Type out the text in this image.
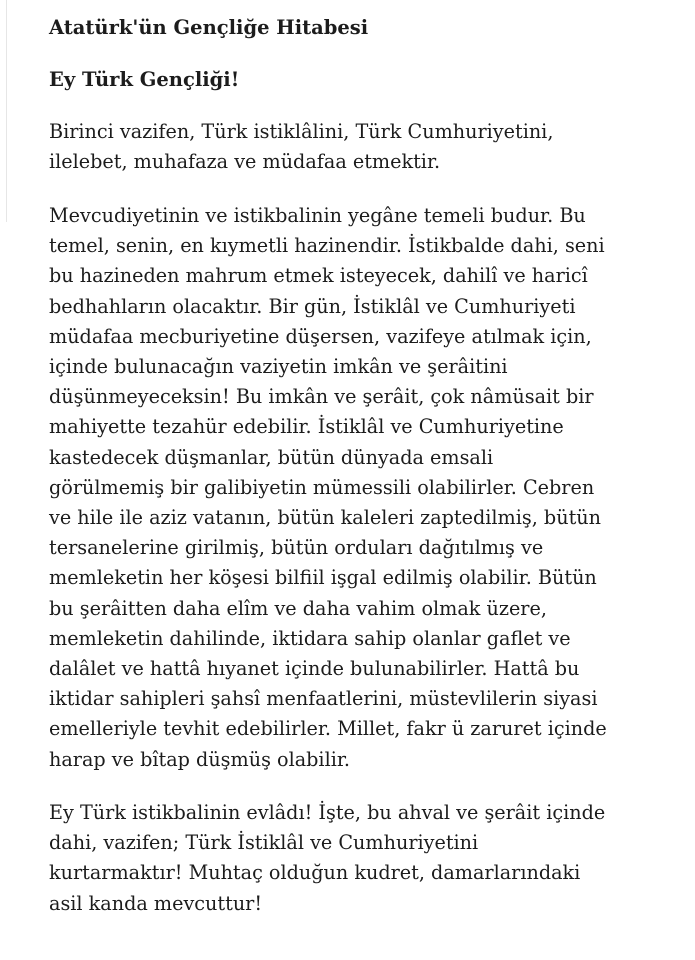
Atatürk'ün Gençliğe Hitabesi
Ey Türk Gençliği!

Birinci vazifen, Türk istiklâlini, Türk Cumhuriyetini,
ilelebet, muhafaza ve müdafaa etmektir.

Mevcudiyetinin ve istikbalinin yegâne temeli budur. Bu
temel, senin, en kıymetli hazinendir. İstikbalde dahi, seni
bu hazineden mahrum etmek isteyecek, dahilî ve haricî
bedhahların olacaktır. Bir gün, İstiklâl ve Cumhuriyeti
müdafaa mecburiyetine düşersen, vazifeye atılmak için,
içinde bulunacağın vaziyetin imkân ve şerâitini
düşünmeyeceksin! Bu imkân ve şerâit, çok nâmüsait bir
mahiyette tezahür edebilir. İstiklâl ve Cumhuriyetine
kastedecek düşmanlar, bütün dünyada emsali
görülmemiş bir galibiyetin mümessili olabilirler. Cebren
ve hile ile aziz vatanın, bütün kaleleri zaptedilmiş, bütün
tersanelerine girilmiş, bütün orduları dağıtılmış ve
memleketin her köşesi bilfiil işgal edilmiş olabilir. Bütün
bu şerâitten daha elîm ve daha vahim olmak üzere,
memleketin dahilinde, iktidara sahip olanlar gaflet ve
dalâlet ve hattâ hıyanet içinde bulunabilirler. Hattâ bu
iktidar sahipleri şahsî menfaatlerini, müstevlilerin siyasi
emelleriyle tevhit edebilirler. Millet, fakr ü zaruret içinde
harap ve bîtap düşmüş olabilir.

Ey Türk istikbalinin evlâdı! İşte, bu ahval ve şerâit içinde
dahi, vazifen; Türk İstiklâl ve Cumhuriyetini
kurtarmaktır! Muhtaç olduğun kudret, damarlarındaki
asil kanda mevcuttur!
